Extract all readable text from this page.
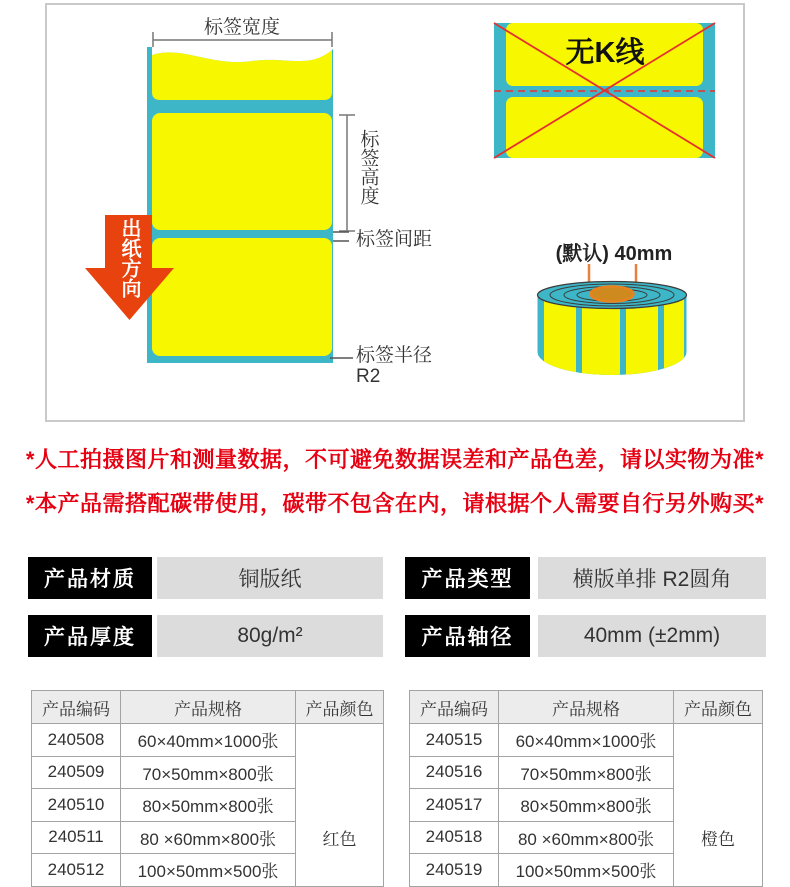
标签宽度
标签高度
标签间距
标签半径
R2
出纸方向
无K线
(默认) 40mm
*人工拍摄图片和测量数据，不可避免数据误差和产品色差，请以实物为准*
*本产品需搭配碳带使用，碳带不包含在内，请根据个人需要自行另外购买*
产品材质	铜版纸	产品类型	横版单排 R2圆角
产品厚度	80g/m²	产品轴径	40mm (±2mm)
产品编码	产品规格	产品颜色
240508	60×40mm×1000张	红色
240509	70×50mm×800张	
240510	80×50mm×800张	
240511	80 ×60mm×800张	
240512	100×50mm×500张	
产品编码	产品规格	产品颜色
240515	60×40mm×1000张	橙色
240516	70×50mm×800张	
240517	80×50mm×800张	
240518	80 ×60mm×800张	
240519	100×50mm×500张	
